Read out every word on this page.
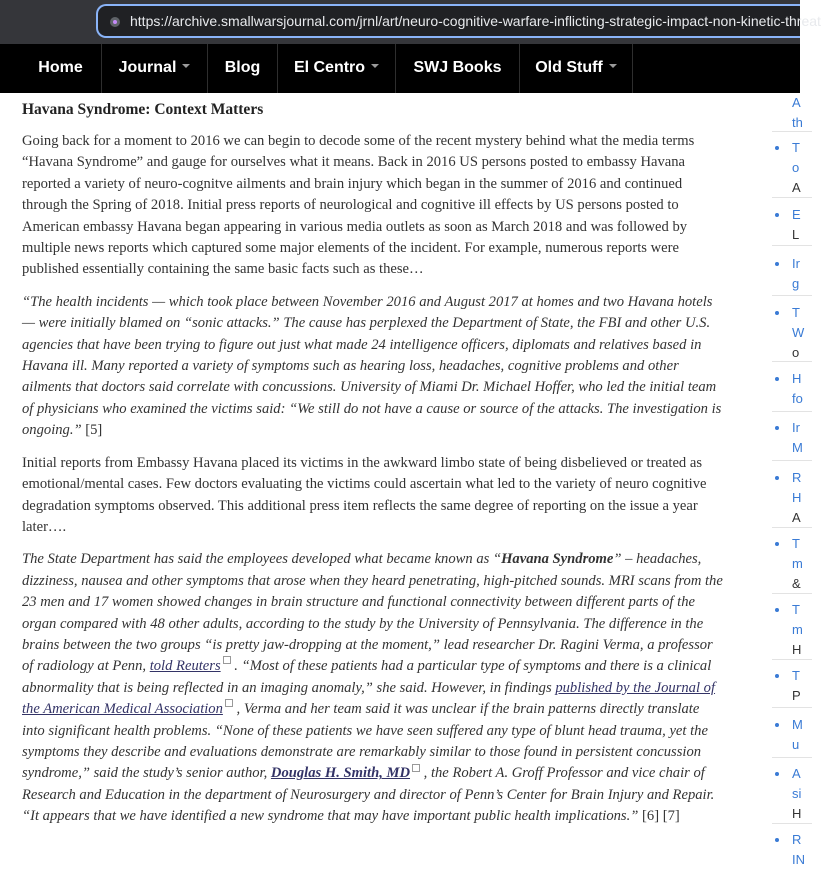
https://archive.smallwarsjournal.com/jrnl/art/neuro-cognitive-warfare-inflicting-strategic-impact-non-kinetic-threat
Home	Journal	Blog	El Centro	SWJ Books	Old Stuff

Havana Syndrome: Context Matters

Going back for a moment to 2016 we can begin to decode some of the recent mystery behind what the media terms “Havana Syndrome” and gauge for ourselves what it means. Back in 2016 US persons posted to embassy Havana reported a variety of neuro-cognitve ailments and brain injury which began in the summer of 2016 and continued through the Spring of 2018. Initial press reports of neurological and cognitive ill effects by US persons posted to American embassy Havana began appearing in various media outlets as soon as March 2018 and was followed by multiple news reports which captured some major elements of the incident. For example, numerous reports were published essentially containing the same basic facts such as these…

“The health incidents — which took place between November 2016 and August 2017 at homes and two Havana hotels — were initially blamed on “sonic attacks.” The cause has perplexed the Department of State, the FBI and other U.S. agencies that have been trying to figure out just what made 24 intelligence officers, diplomats and relatives based in Havana ill. Many reported a variety of symptoms such as hearing loss, headaches, cognitive problems and other ailments that doctors said correlate with concussions. University of Miami Dr. Michael Hoffer, who led the initial team of physicians who examined the victims said: “We still do not have a cause or source of the attacks. The investigation is ongoing.” [5]

Initial reports from Embassy Havana placed its victims in the awkward limbo state of being disbelieved or treated as emotional/mental cases. Few doctors evaluating the victims could ascertain what led to the variety of neuro cognitive degradation symptoms observed. This additional press item reflects the same degree of reporting on the issue a year later….

The State Department has said the employees developed what became known as “Havana Syndrome” – headaches, dizziness, nausea and other symptoms that arose when they heard penetrating, high-pitched sounds. MRI scans from the 23 men and 17 women showed changes in brain structure and functional connectivity between different parts of the organ compared with 48 other adults, according to the study by the University of Pennsylvania. The difference in the brains between the two groups “is pretty jaw-dropping at the moment,” lead researcher Dr. Ragini Verma, a professor of radiology at Penn, told Reuters . “Most of these patients had a particular type of symptoms and there is a clinical abnormality that is being reflected in an imaging anomaly,” she said. However, in findings published by the Journal of the American Medical Association , Verma and her team said it was unclear if the brain patterns directly translate into significant health problems. “None of these patients we have seen suffered any type of blunt head trauma, yet the symptoms they describe and evaluations demonstrate are remarkably similar to those found in persistent concussion syndrome,” said the study’s senior author, Douglas H. Smith, MD , the Robert A. Groff Professor and vice chair of Research and Education in the department of Neurosurgery and director of Penn’s Center for Brain Injury and Repair. “It appears that we have identified a new syndrome that may have important public health implications.” [6] [7]

A
th
T
o
A
E
L
Ir
g
T
W
o
H
fo
Ir
M
R
H
A
T
m
&
T
m
H
T
P
M
u
A
si
H
R
IN
